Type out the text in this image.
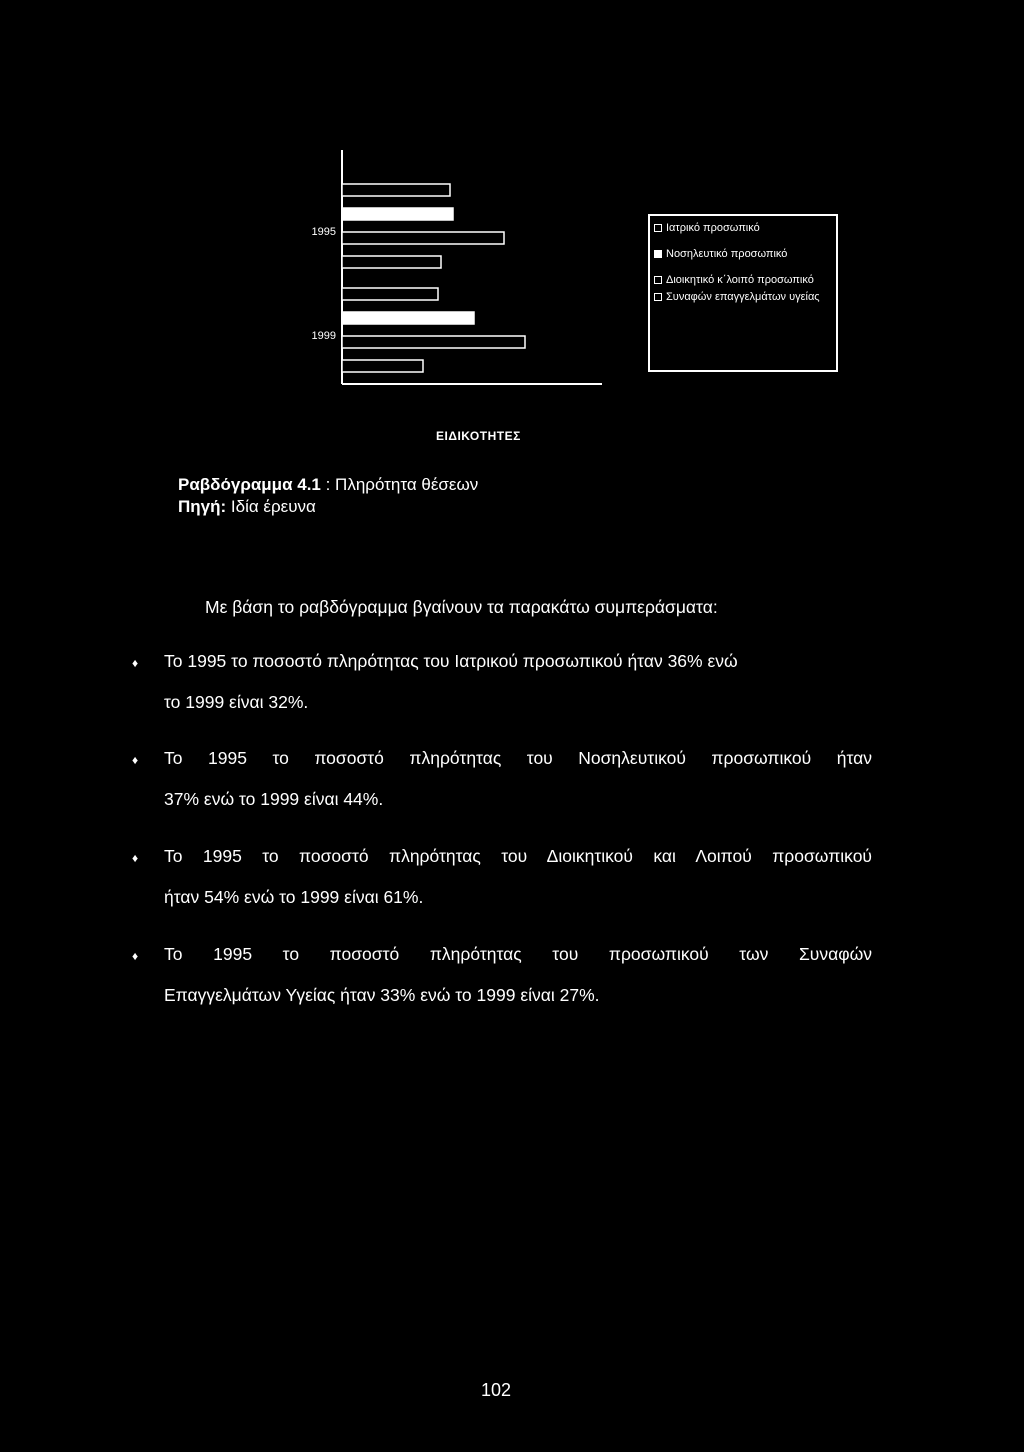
1995
1999
Ιατρικό προσωπικό
Νοσηλευτικό προσωπικό
Διοικητικό κ΄λοιπό προσωπικό
Συναφών επαγγελμάτων υγείας
ΕΙΔΙΚΟΤΗΤΕΣ
Ραβδόγραμμα 4.1 : Πληρότητα θέσεων
Πηγή: Ιδία έρευνα
Με βάση το ραβδόγραμμα βγαίνουν τα παρακάτω συμπεράσματα:
♦	Το 1995 το ποσοστό πληρότητας του Ιατρικού προσωπικού ήταν 36% ενώ
το 1999 είναι 32%.
♦	Το 1995 το ποσοστό πληρότητας του Νοσηλευτικού προσωπικού ήταν
37% ενώ το 1999 είναι 44%.
♦	Το 1995 το ποσοστό πληρότητας του Διοικητικού και Λοιπού προσωπικού
ήταν 54% ενώ το 1999 είναι 61%.
♦	Το 1995 το ποσοστό πληρότητας του προσωπικού των Συναφών
Επαγγελμάτων Υγείας ήταν 33% ενώ το 1999 είναι 27%.
102
